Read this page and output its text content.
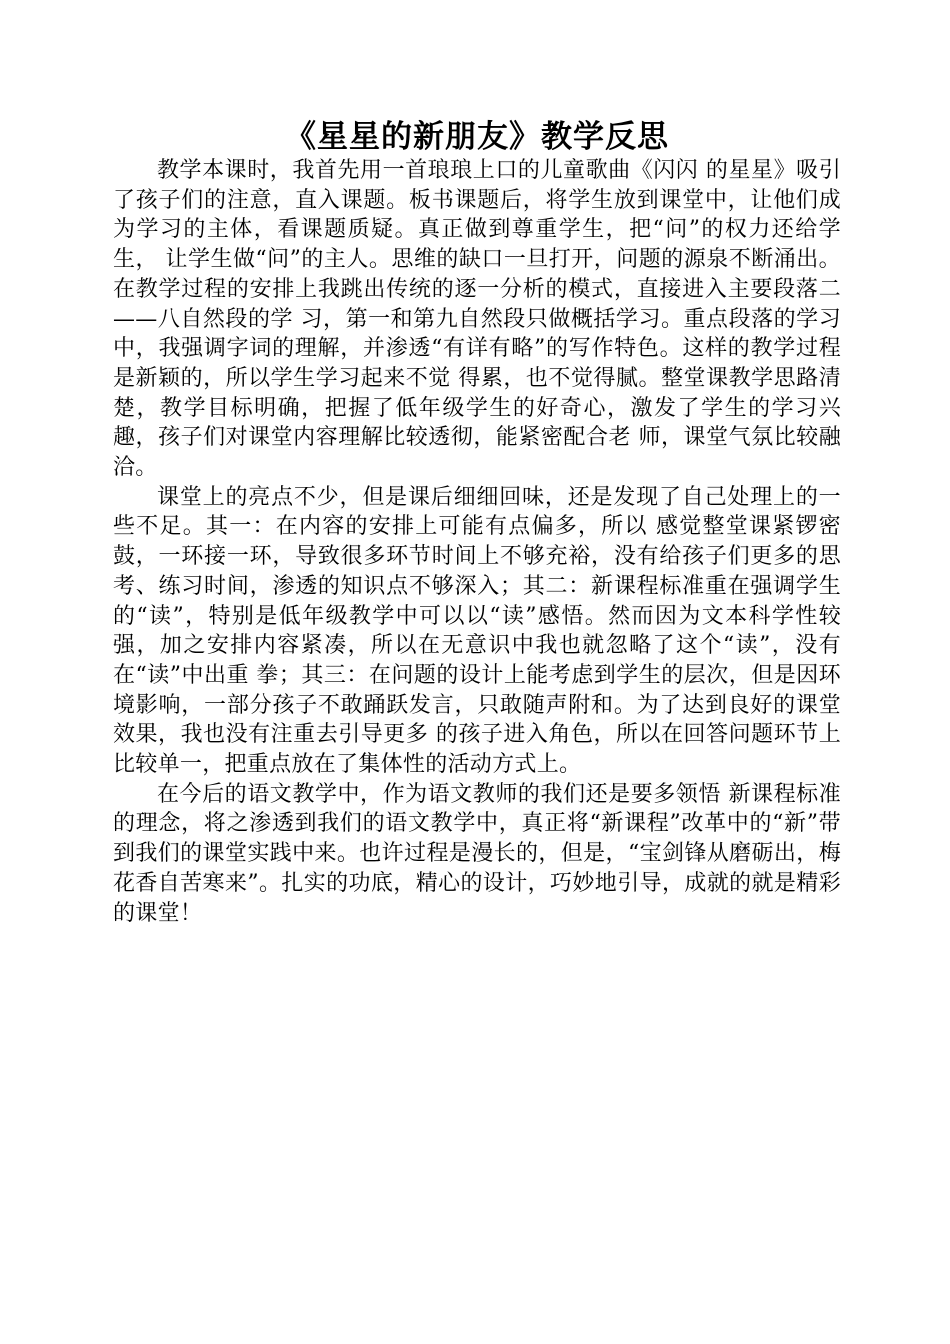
《星星的新朋友》教学反思

教学本课时，我首先用一首琅琅上口的儿童歌曲《闪闪 的星星》吸引了孩子们的注意，直入课题。板书课题后，将学生放到课堂中，让他们成为学习的主体，看课题质疑。真正做到尊重学生，把“问”的权力还给学生， 让学生做“问”的主人。思维的缺口一旦打开，问题的源泉不断涌出。在教学过程的安排上我跳出传统的逐一分析的模式，直接进入主要段落二——八自然段的学 习，第一和第九自然段只做概括学习。重点段落的学习中，我强调字词的理解，并渗透“有详有略”的写作特色。这样的教学过程是新颖的，所以学生学习起来不觉 得累，也不觉得腻。整堂课教学思路清楚，教学目标明确，把握了低年级学生的好奇心，激发了学生的学习兴趣，孩子们对课堂内容理解比较透彻，能紧密配合老 师，课堂气氛比较融洽。

课堂上的亮点不少，但是课后细细回味，还是发现了自己处理上的一些不足。其一：在内容的安排上可能有点偏多，所以 感觉整堂课紧锣密鼓，一环接一环，导致很多环节时间上不够充裕，没有给孩子们更多的思考、练习时间，渗透的知识点不够深入；其二：新课程标准重在强调学生 的“读”，特别是低年级教学中可以以“读”感悟。然而因为文本科学性较强，加之安排内容紧凑，所以在无意识中我也就忽略了这个“读”，没有在“读”中出重 拳；其三：在问题的设计上能考虑到学生的层次，但是因环境影响，一部分孩子不敢踊跃发言，只敢随声附和。为了达到良好的课堂效果，我也没有注重去引导更多 的孩子进入角色，所以在回答问题环节上比较单一，把重点放在了集体性的活动方式上。

在今后的语文教学中，作为语文教师的我们还是要多领悟 新课程标准的理念，将之渗透到我们的语文教学中，真正将“新课程”改革中的“新”带到我们的课堂实践中来。也许过程是漫长的，但是，“宝剑锋从磨砺出，梅花香自苦寒来”。扎实的功底，精心的设计，巧妙地引导，成就的就是精彩的课堂！
